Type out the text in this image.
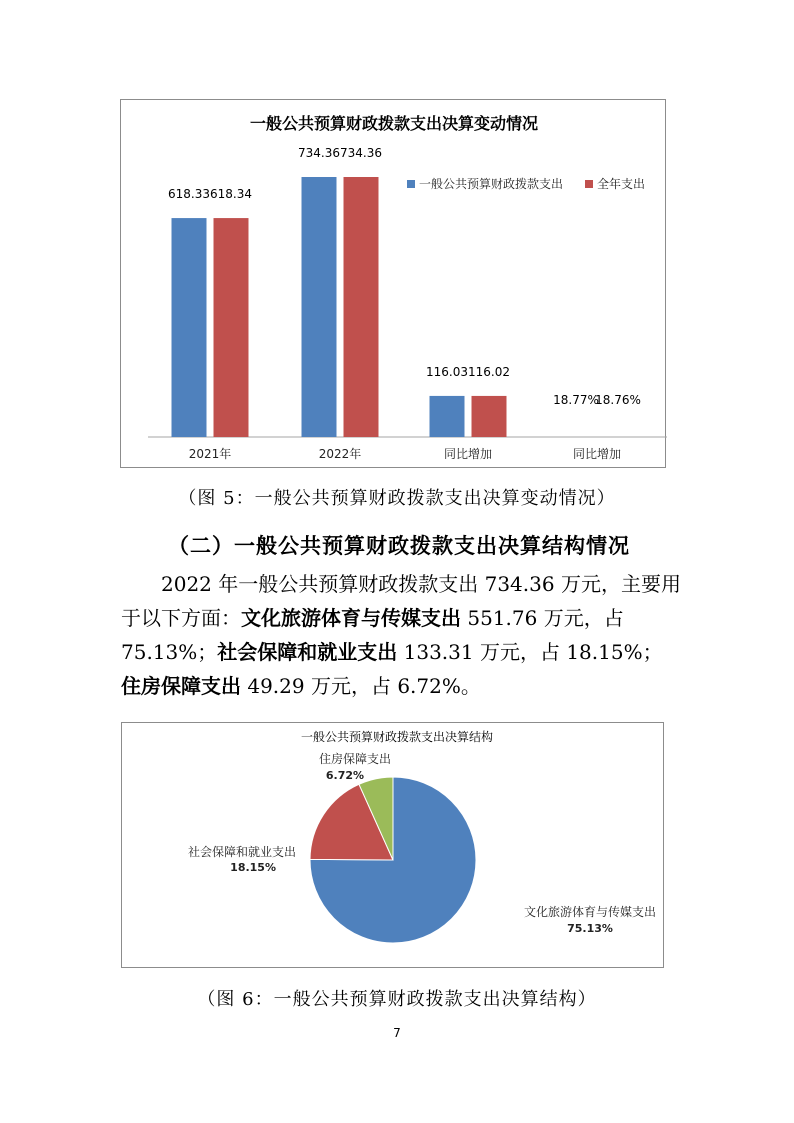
一般公共预算财政拨款支出决算变动情况
一般公共预算财政拨款支出	全年支出
618.33 618.34
2021年
734.36 734.36
2022年
116.03 116.02
同比增加
18.77%
18.76%
同比增加
（图 5：一般公共预算财政拨款支出决算变动情况）
（二）一般公共预算财政拨款支出决算结构情况
2022 年一般公共预算财政拨款支出 734.36 万元，主要用于以下方面：文化旅游体育与传媒支出 551.76 万元，占 75.13%；社会保障和就业支出 133.31 万元，占 18.15%；住房保障支出 49.29 万元，占 6.72%。
一般公共预算财政拨款支出决算结构
住房保障支出
6.72%
社会保障和就业支出
18.15%
文化旅游体育与传媒支出
75.13%
（图 6：一般公共预算财政拨款支出决算结构）
7
